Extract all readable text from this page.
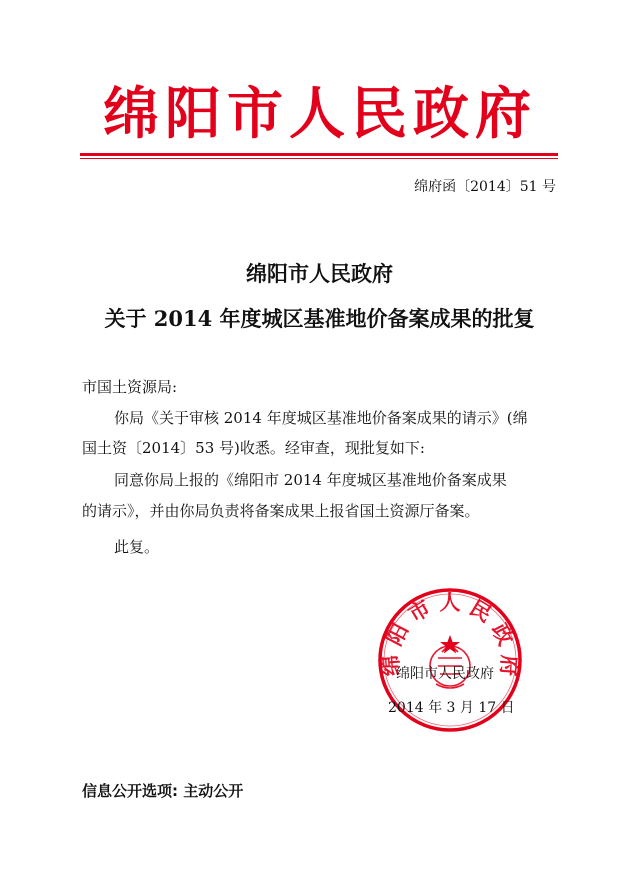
绵阳市人民政府
绵府函〔2014〕51 号
绵阳市人民政府
关于 2014 年度城区基准地价备案成果的批复
市国土资源局:
你局《关于审核 2014 年度城区基准地价备案成果的请示》(绵
国土资〔2014〕53 号)收悉。经审查，现批复如下:
同意你局上报的《绵阳市 2014 年度城区基准地价备案成果
的请示》，并由你局负责将备案成果上报省国土资源厅备案。
此复。
绵 阳 市 人 民 政 府
绵阳市人民政府
2014 年 3 月 17 日
信息公开选项: 主动公开
